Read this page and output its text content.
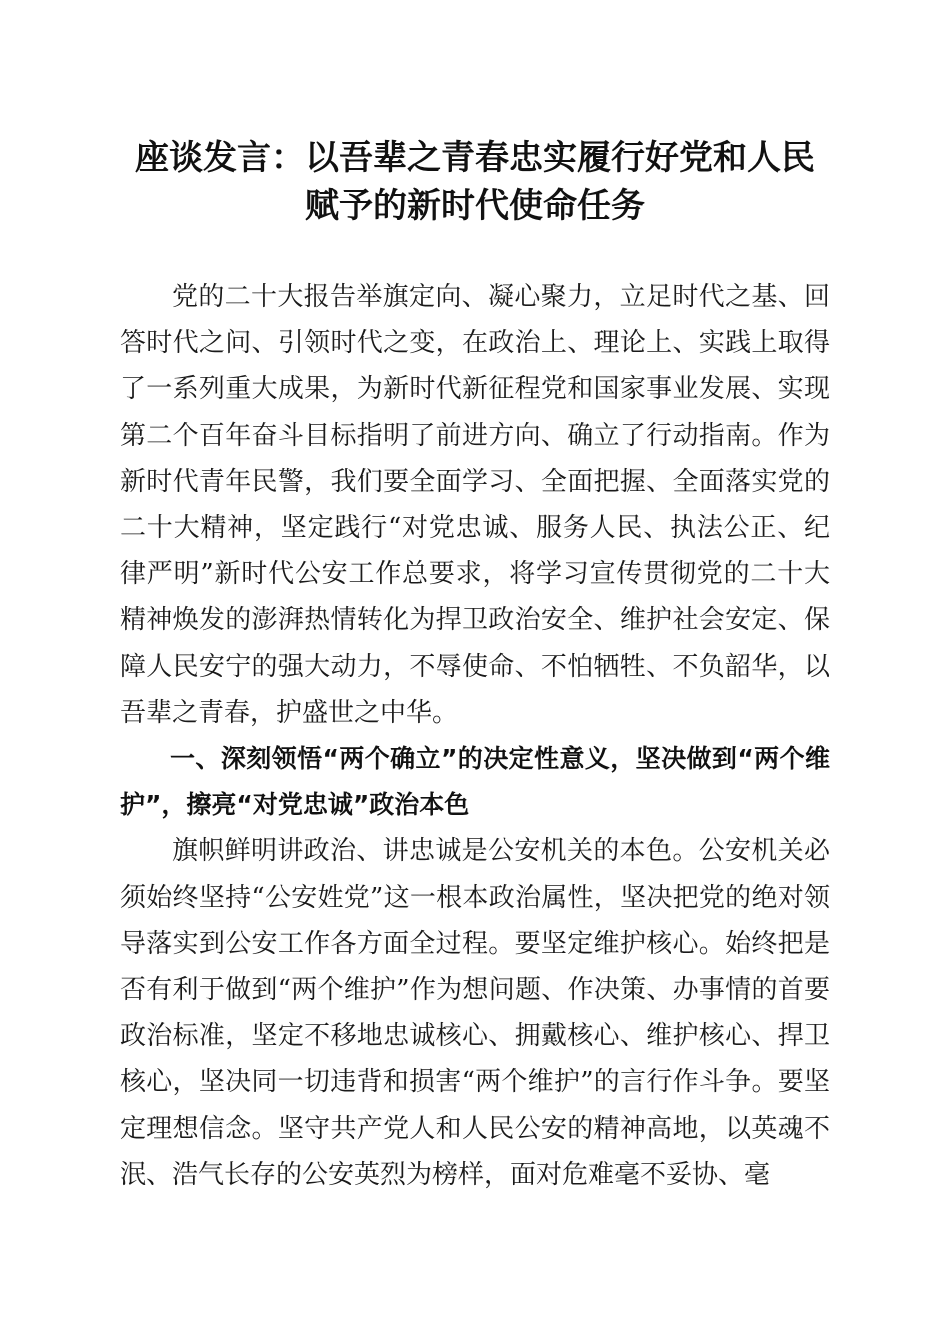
座谈发言：以吾辈之青春忠实履行好党和人民
赋予的新时代使命任务

党的二十大报告举旗定向、凝心聚力，立足时代之基、回答时代之问、引领时代之变，在政治上、理论上、实践上取得了一系列重大成果，为新时代新征程党和国家事业发展、实现第二个百年奋斗目标指明了前进方向、确立了行动指南。作为新时代青年民警，我们要全面学习、全面把握、全面落实党的二十大精神，坚定践行“对党忠诚、服务人民、执法公正、纪律严明”新时代公安工作总要求，将学习宣传贯彻党的二十大精神焕发的澎湃热情转化为捍卫政治安全、维护社会安定、保障人民安宁的强大动力，不辱使命、不怕牺牲、不负韶华，以吾辈之青春，护盛世之中华。

一、深刻领悟“两个确立”的决定性意义，坚决做到“两个维护”，擦亮“对党忠诚”政治本色

旗帜鲜明讲政治、讲忠诚是公安机关的本色。公安机关必须始终坚持“公安姓党”这一根本政治属性，坚决把党的绝对领导落实到公安工作各方面全过程。要坚定维护核心。始终把是否有利于做到“两个维护”作为想问题、作决策、办事情的首要政治标准，坚定不移地忠诚核心、拥戴核心、维护核心、捍卫核心，坚决同一切违背和损害“两个维护”的言行作斗争。要坚定理想信念。坚守共产党人和人民公安的精神高地，以英魂不泯、浩气长存的公安英烈为榜样，面对危难毫不妥协、毫
